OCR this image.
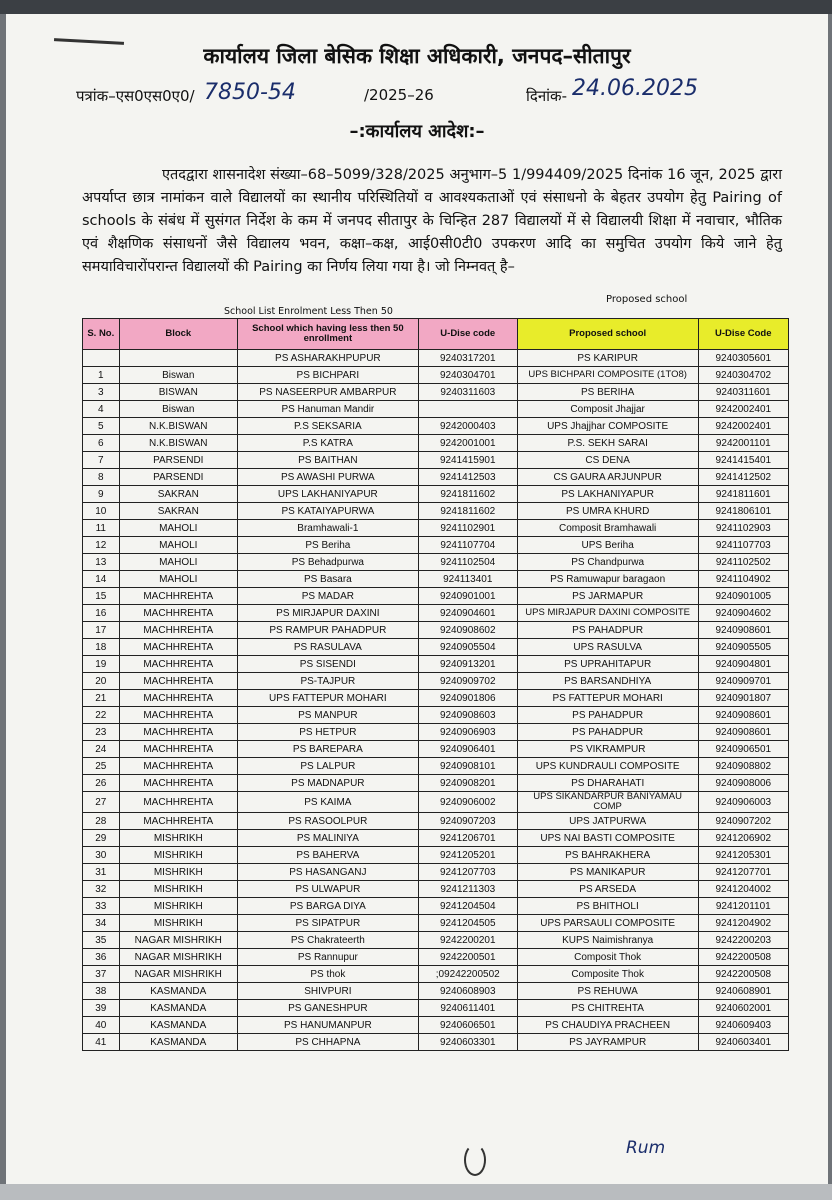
कार्यालय जिला बेसिक शिक्षा अधिकारी, जनपद–सीतापुर
पत्रांक–एस0एस0ए0/ 7850-54	/2025–26	दिनांक- 24.06.2025
–:कार्यालय आदेश:–
एतदद्वारा शासनादेश संख्या–68–5099/328/2025 अनुभाग–5 1/994409/2025 दिनांक 16 जून, 2025 द्वारा अपर्याप्त छात्र नामांकन वाले विद्यालयों का स्थानीय परिस्थितियों व आवश्यकताओं एवं संसाधनो के बेहतर उपयोग हेतु Pairing of schools के संबंध में सुसंगत निर्देश के कम में जनपद सीतापुर के चिन्हित 287 विद्यालयों में से विद्यालयी शिक्षा में नवाचार, भौतिक एवं शैक्षणिक संसाधनों जैसे विद्यालय भवन, कक्षा–कक्ष, आई0सी0टी0 उपकरण आदि का समुचित उपयोग किये जाने हेतु समयाविचारोंपरान्त विद्यालयों की Pairing का निर्णय लिया गया है। जो निम्नवत् है–
School List Enrolment Less Then 50
Proposed school
S. No.	Block	School which having less then 50 enrollment	U-Dise code	Proposed school	U-Dise Code
		PS ASHARAKHPUPUR	9240317201	PS KARIPUR	9240305601
1	Biswan	PS BICHPARI	9240304701	UPS BICHPARI COMPOSITE (1TO8)	9240304702
3	BISWAN	PS NASEERPUR AMBARPUR	9240311603	PS BERIHA	9240311601
4	Biswan	PS Hanuman Mandir		Composit Jhajjar	9242002401
5	N.K.BISWAN	P.S SEKSARIA	9242000403	UPS Jhajjhar COMPOSITE	9242002401
6	N.K.BISWAN	P.S KATRA	9242001001	P.S. SEKH SARAI	9242001101
7	PARSENDI	PS BAITHAN	9241415901	CS DENA	9241415401
8	PARSENDI	PS AWASHI PURWA	9241412503	CS GAURA ARJUNPUR	9241412502
9	SAKRAN	UPS LAKHANIYAPUR	9241811602	PS LAKHANIYAPUR	9241811601
10	SAKRAN	PS KATAIYAPURWA	9241811602	PS UMRA KHURD	9241806101
11	MAHOLI	Bramhawali-1	9241102901	Composit Bramhawali	9241102903
12	MAHOLI	PS Beriha	9241107704	UPS Beriha	9241107703
13	MAHOLI	PS Behadpurwa	9241102504	PS Chandpurwa	9241102502
14	MAHOLI	PS Basara	924113401	PS Ramuwapur baragaon	9241104902
15	MACHHREHTA	PS MADAR	9240901001	PS JARMAPUR	9240901005
16	MACHHREHTA	PS MIRJAPUR DAXINI	9240904601	UPS MIRJAPUR DAXINI COMPOSITE	9240904602
17	MACHHREHTA	PS RAMPUR PAHADPUR	9240908602	PS PAHADPUR	9240908601
18	MACHHREHTA	PS RASULAVA	9240905504	UPS RASULVA	9240905505
19	MACHHREHTA	PS SISENDI	9240913201	PS UPRAHITAPUR	9240904801
20	MACHHREHTA	PS-TAJPUR	9240909702	PS BARSANDHIYA	9240909701
21	MACHHREHTA	UPS FATTEPUR MOHARI	9240901806	PS FATTEPUR MOHARI	9240901807
22	MACHHREHTA	PS MANPUR	9240908603	PS PAHADPUR	9240908601
23	MACHHREHTA	PS HETPUR	9240906903	PS PAHADPUR	9240908601
24	MACHHREHTA	PS BAREPARA	9240906401	PS VIKRAMPUR	9240906501
25	MACHHREHTA	PS LALPUR	9240908101	UPS KUNDRAULI COMPOSITE	9240908802
26	MACHHREHTA	PS MADNAPUR	9240908201	PS DHARAHATI	9240908006
27	MACHHREHTA	PS KAIMA	9240906002	UPS SIKANDARPUR BANIYAMAU COMP	9240906003
28	MACHHREHTA	PS RASOOLPUR	9240907203	UPS JATPURWA	9240907202
29	MISHRIKH	PS MALINIYA	9241206701	UPS NAI BASTI COMPOSITE	9241206902
30	MISHRIKH	PS BAHERVA	9241205201	PS BAHRAKHERA	9241205301
31	MISHRIKH	PS HASANGANJ	9241207703	PS MANIKAPUR	9241207701
32	MISHRIKH	PS ULWAPUR	9241211303	PS ARSEDA	9241204002
33	MISHRIKH	PS BARGA DIYA	9241204504	PS BHITHOLI	9241201101
34	MISHRIKH	PS SIPATPUR	9241204505	UPS PARSAULI COMPOSITE	9241204902
35	NAGAR MISHRIKH	PS Chakrateerth	9242200201	KUPS Naimishranya	9242200203
36	NAGAR MISHRIKH	PS Rannupur	9242200501	Composit Thok	9242200508
37	NAGAR MISHRIKH	PS thok	;09242200502	Composite Thok	9242200508
38	KASMANDA	SHIVPURI	9240608903	PS REHUWA	9240608901
39	KASMANDA	PS GANESHPUR	9240611401	PS CHITREHTA	9240602001
40	KASMANDA	PS HANUMANPUR	9240606501	PS CHAUDIYA PRACHEEN	9240609403
41	KASMANDA	PS CHHAPNA	9240603301	PS JAYRAMPUR	9240603401
Rum
